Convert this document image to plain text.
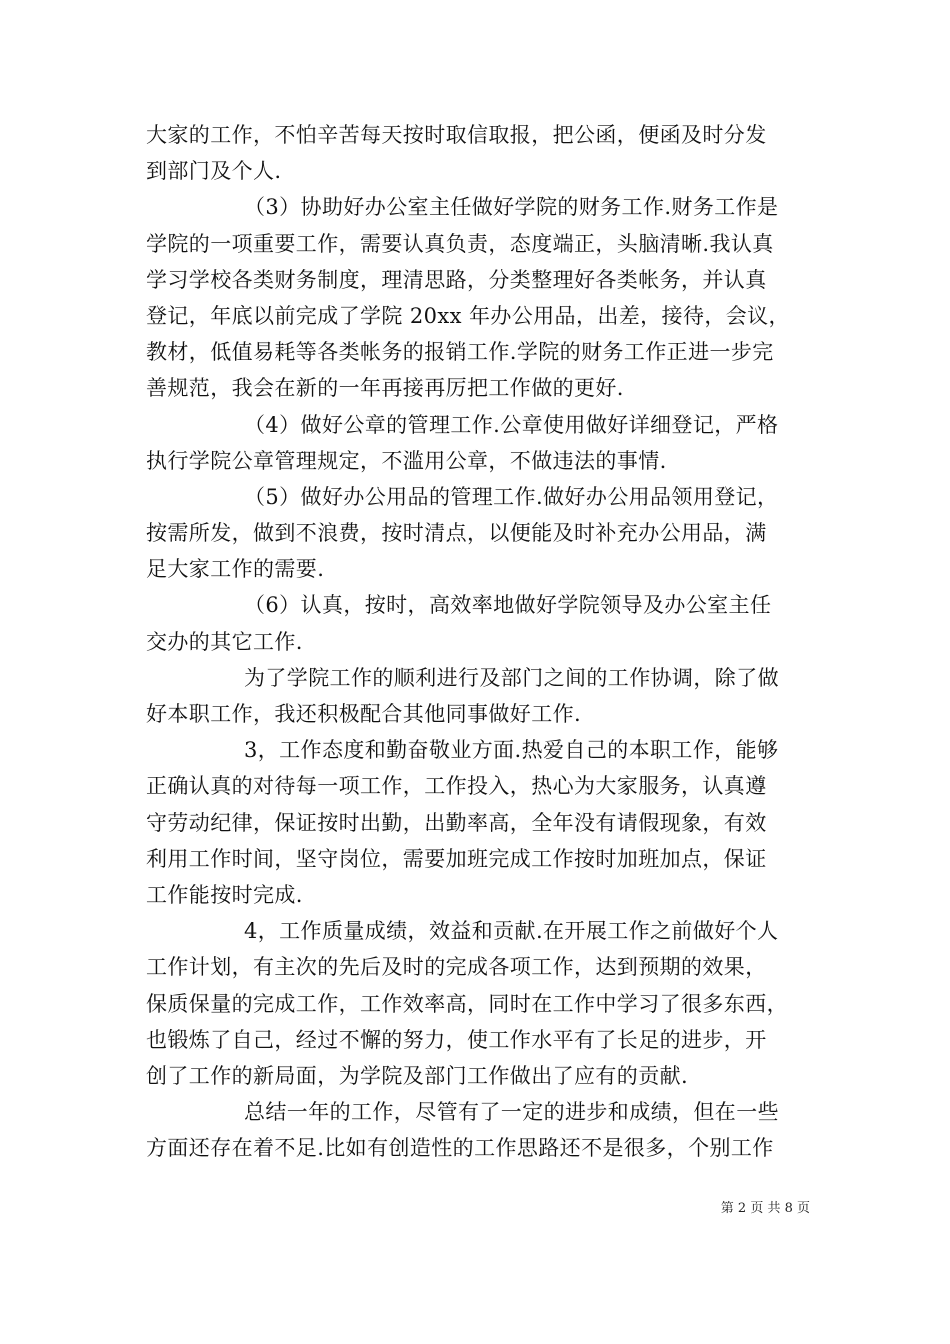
大家的工作，不怕辛苦每天按时取信取报，把公函，便函及时分发
到部门及个人.
（3）协助好办公室主任做好学院的财务工作.财务工作是
学院的一项重要工作，需要认真负责，态度端正，头脑清晰.我认真
学习学校各类财务制度，理清思路，分类整理好各类帐务，并认真
登记，年底以前完成了学院 20xx 年办公用品，出差，接待，会议，
教材，低值易耗等各类帐务的报销工作.学院的财务工作正进一步完
善规范，我会在新的一年再接再厉把工作做的更好.
（4）做好公章的管理工作.公章使用做好详细登记，严格
执行学院公章管理规定，不滥用公章，不做违法的事情.
（5）做好办公用品的管理工作.做好办公用品领用登记，
按需所发，做到不浪费，按时清点，以便能及时补充办公用品，满
足大家工作的需要.
（6）认真，按时，高效率地做好学院领导及办公室主任
交办的其它工作.
为了学院工作的顺利进行及部门之间的工作协调，除了做
好本职工作，我还积极配合其他同事做好工作.
3，工作态度和勤奋敬业方面.热爱自己的本职工作，能够
正确认真的对待每一项工作，工作投入，热心为大家服务，认真遵
守劳动纪律，保证按时出勤，出勤率高，全年没有请假现象，有效
利用工作时间，坚守岗位，需要加班完成工作按时加班加点，保证
工作能按时完成.
4，工作质量成绩，效益和贡献.在开展工作之前做好个人
工作计划，有主次的先后及时的完成各项工作，达到预期的效果，
保质保量的完成工作，工作效率高，同时在工作中学习了很多东西，
也锻炼了自己，经过不懈的努力，使工作水平有了长足的进步，开
创了工作的新局面，为学院及部门工作做出了应有的贡献.
总结一年的工作，尽管有了一定的进步和成绩，但在一些
方面还存在着不足.比如有创造性的工作思路还不是很多，个别工作
第 2 页 共 8 页
